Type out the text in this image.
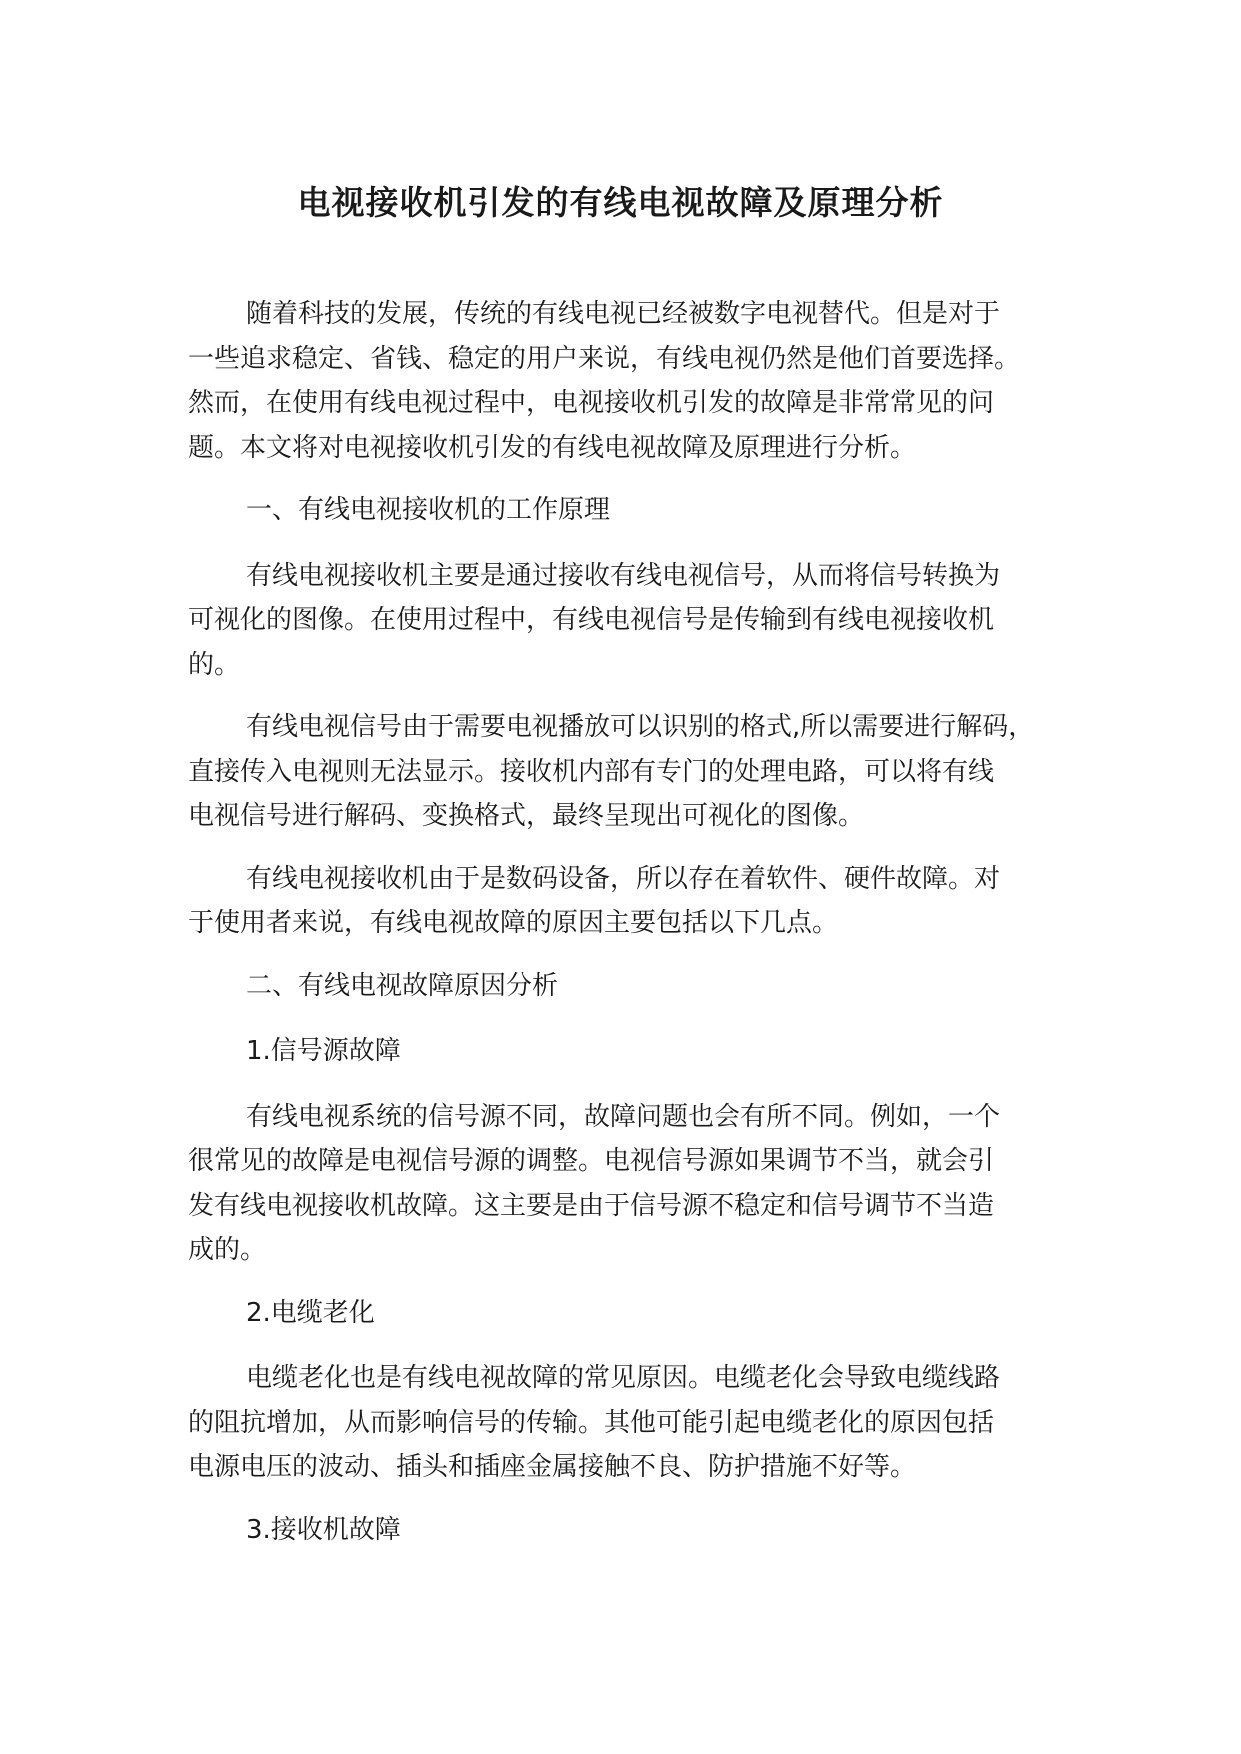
电视接收机引发的有线电视故障及原理分析

随着科技的发展，传统的有线电视已经被数字电视替代。但是对于
一些追求稳定、省钱、稳定的用户来说，有线电视仍然是他们首要选择。
然而，在使用有线电视过程中，电视接收机引发的故障是非常常见的问
题。本文将对电视接收机引发的有线电视故障及原理进行分析。

一、有线电视接收机的工作原理

有线电视接收机主要是通过接收有线电视信号，从而将信号转换为
可视化的图像。在使用过程中，有线电视信号是传输到有线电视接收机
的。

有线电视信号由于需要电视播放可以识别的格式,所以需要进行解码，
直接传入电视则无法显示。接收机内部有专门的处理电路，可以将有线
电视信号进行解码、变换格式，最终呈现出可视化的图像。

有线电视接收机由于是数码设备，所以存在着软件、硬件故障。对
于使用者来说，有线电视故障的原因主要包括以下几点。

二、有线电视故障原因分析

1.信号源故障

有线电视系统的信号源不同，故障问题也会有所不同。例如，一个
很常见的故障是电视信号源的调整。电视信号源如果调节不当，就会引
发有线电视接收机故障。这主要是由于信号源不稳定和信号调节不当造
成的。

2.电缆老化

电缆老化也是有线电视故障的常见原因。电缆老化会导致电缆线路
的阻抗增加，从而影响信号的传输。其他可能引起电缆老化的原因包括
电源电压的波动、插头和插座金属接触不良、防护措施不好等。

3.接收机故障
